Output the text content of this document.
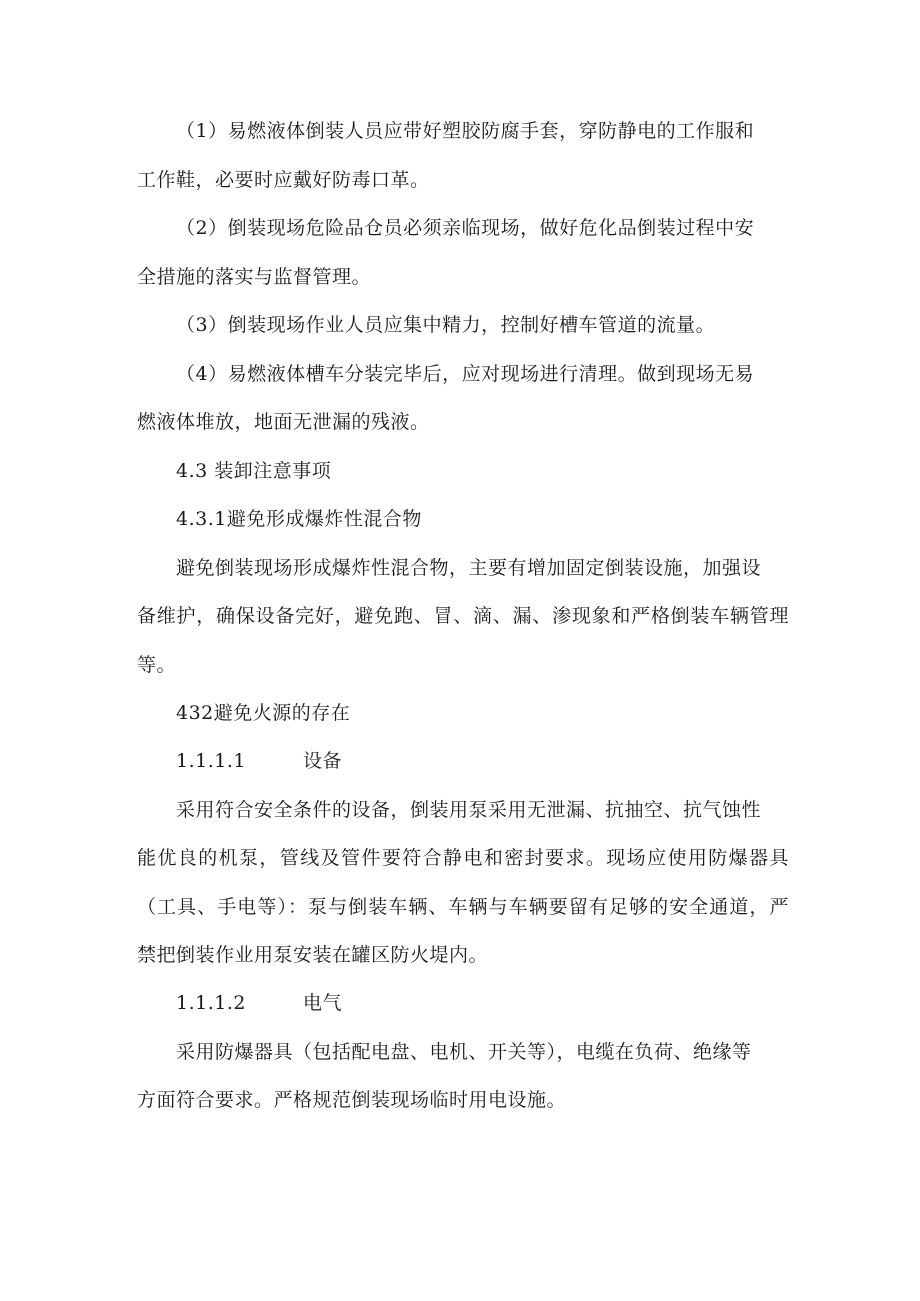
（1）易燃液体倒装人员应带好塑胶防腐手套，穿防静电的工作服和
工作鞋，必要时应戴好防毒口革。
（2）倒装现场危险品仓员必须亲临现场，做好危化品倒装过程中安
全措施的落实与监督管理。
（3）倒装现场作业人员应集中精力，控制好槽车管道的流量。
（4）易燃液体槽车分装完毕后，应对现场进行清理。做到现场无易
燃液体堆放，地面无泄漏的残液。
4.3 装卸注意事项
4.3.1避免形成爆炸性混合物
避免倒装现场形成爆炸性混合物，主要有增加固定倒装设施，加强设
备维护，确保设备完好，避免跑、冒、滴、漏、渗现象和严格倒装车辆管理
等。
432避免火源的存在
1.1.1.1	设备
采用符合安全条件的设备，倒装用泵采用无泄漏、抗抽空、抗气蚀性
能优良的机泵，管线及管件要符合静电和密封要求。现场应使用防爆器具
（工具、手电等）：泵与倒装车辆、车辆与车辆要留有足够的安全通道，严
禁把倒装作业用泵安装在罐区防火堤内。
1.1.1.2	电气
采用防爆器具（包括配电盘、电机、开关等），电缆在负荷、绝缘等
方面符合要求。严格规范倒装现场临时用电设施。
